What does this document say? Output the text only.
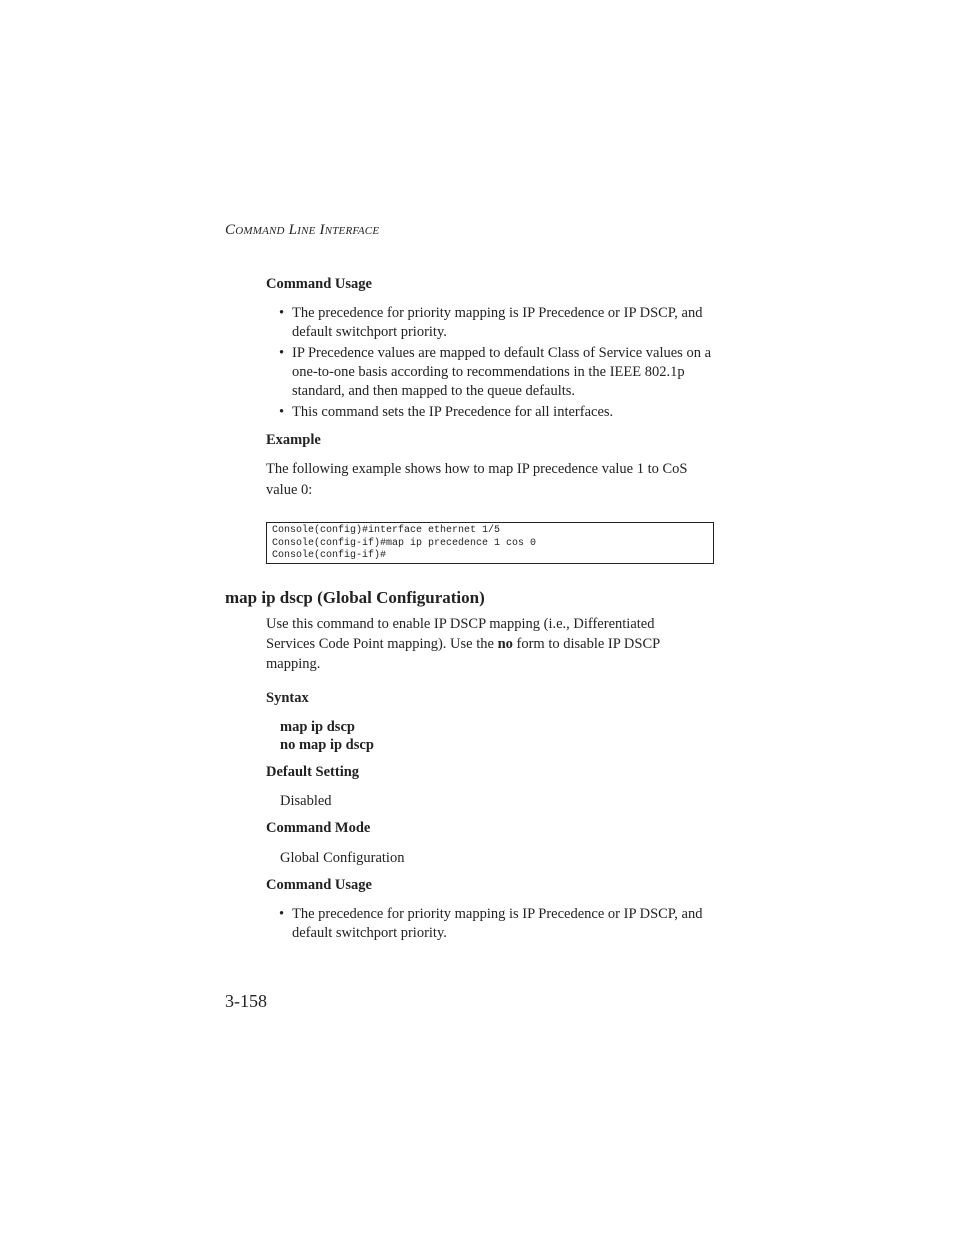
COMMAND LINE INTERFACE
Command Usage
• The precedence for priority mapping is IP Precedence or IP DSCP, and default switchport priority.
• IP Precedence values are mapped to default Class of Service values on a one-to-one basis according to recommendations in the IEEE 802.1p standard, and then mapped to the queue defaults.
• This command sets the IP Precedence for all interfaces.
Example
The following example shows how to map IP precedence value 1 to CoS value 0:
Console(config)#interface ethernet 1/5
Console(config-if)#map ip precedence 1 cos 0
Console(config-if)#
map ip dscp (Global Configuration)
Use this command to enable IP DSCP mapping (i.e., Differentiated Services Code Point mapping). Use the no form to disable IP DSCP mapping.
Syntax
map ip dscp
no map ip dscp
Default Setting
Disabled
Command Mode
Global Configuration
Command Usage
• The precedence for priority mapping is IP Precedence or IP DSCP, and default switchport priority.
3-158
